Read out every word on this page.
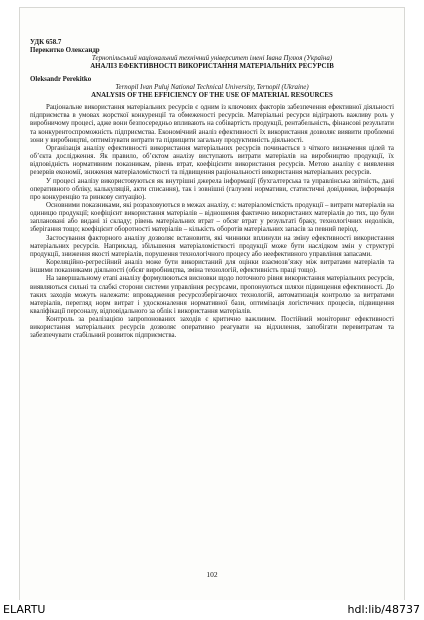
УДК 658.7

Перекитко Олександр

Тернопільський національний технічний університет імені Івана Пулюя (Україна)

АНАЛІЗ ЕФЕКТИВНОСТІ ВИКОРИСТАННЯ МАТЕРІАЛЬНИХ РЕСУРСІВ

Oleksandr Perekitko

Ternopil Ivan Puluj National Technical University, Ternopil (Ukraine)

ANALYSIS OF THE EFFICIENCY OF THE USE OF MATERIAL RESOURCES

Раціональне використання матеріальних ресурсів є одним із ключових факторів забезпечення ефективної діяльності підприємства в умовах жорсткої конкуренції та обмеженості ресурсів. Матеріальні ресурси відіграють важливу роль у виробничому процесі, адже вони безпосередньо впливають на собівартість продукції, рентабельність, фінансові результати та конкурентоспроможність підприємства. Економічний аналіз ефективності їх використання дозволяє виявити проблемні зони у виробництві, оптимізувати витрати та підвищити загальну продуктивність діяльності.

Організація аналізу ефективності використання матеріальних ресурсів починається з чіткого визначення цілей та об’єкта дослідження. Як правило, об’єктом аналізу виступають витрати матеріалів на виробництво продукції, їх відповідність нормативним показникам, рівень втрат, коефіцієнти використання ресурсів. Метою аналізу є виявлення резервів економії, зниження матеріаломісткості та підвищення раціональності використання матеріальних ресурсів.

У процесі аналізу використовуються як внутрішні джерела інформації (бухгалтерська та управлінська звітність, дані оперативного обліку, калькуляцій, акти списання), так і зовнішні (галузеві нормативи, статистичні довідники, інформація про конкуренцію та ринкову ситуацію).

Основними показниками, які розраховуються в межах аналізу, є: матеріаломісткість продукції – витрати матеріалів на одиницю продукції; коефіцієнт використання матеріалів – відношення фактично використаних матеріалів до тих, що були заплановані або видані зі складу; рівень матеріальних втрат – обсяг втрат у результаті браку, технологічних недоліків, зберігання тощо; коефіцієнт оборотності матеріалів – кількість оборотів матеріальних запасів за певний період.

Застосування факторного аналізу дозволяє встановити, які чинники вплинули на зміну ефективності використання матеріальних ресурсів. Наприклад, збільшення матеріаломісткості продукції може бути наслідком змін у структурі продукції, зниження якості матеріалів, порушення технологічного процесу або неефективного управління запасами.

Кореляційно-регресійний аналіз може бути використаний для оцінки взаємозв’язку між витратами матеріалів та іншими показниками діяльності (обсяг виробництва, зміна технологій, ефективність праці тощо).

На завершальному етапі аналізу формулюються висновки щодо поточного рівня використання матеріальних ресурсів, виявляються сильні та слабкі сторони системи управління ресурсами, пропонуються шляхи підвищення ефективності. До таких заходів можуть належати: впровадження ресурсозберігаючих технологій, автоматизація контролю за витратами матеріалів, перегляд норм витрат і удосконалення нормативної бази, оптимізація логістичних процесів, підвищення кваліфікації персоналу, відповідального за облік і використання матеріалів.

Контроль за реалізацією запропонованих заходів є критично важливим. Постійний моніторинг ефективності використання матеріальних ресурсів дозволяє оперативно реагувати на відхилення, запобігати перевитратам та забезпечувати стабільний розвиток підприємства.

102
ELARTU	hdl:lib/48737
